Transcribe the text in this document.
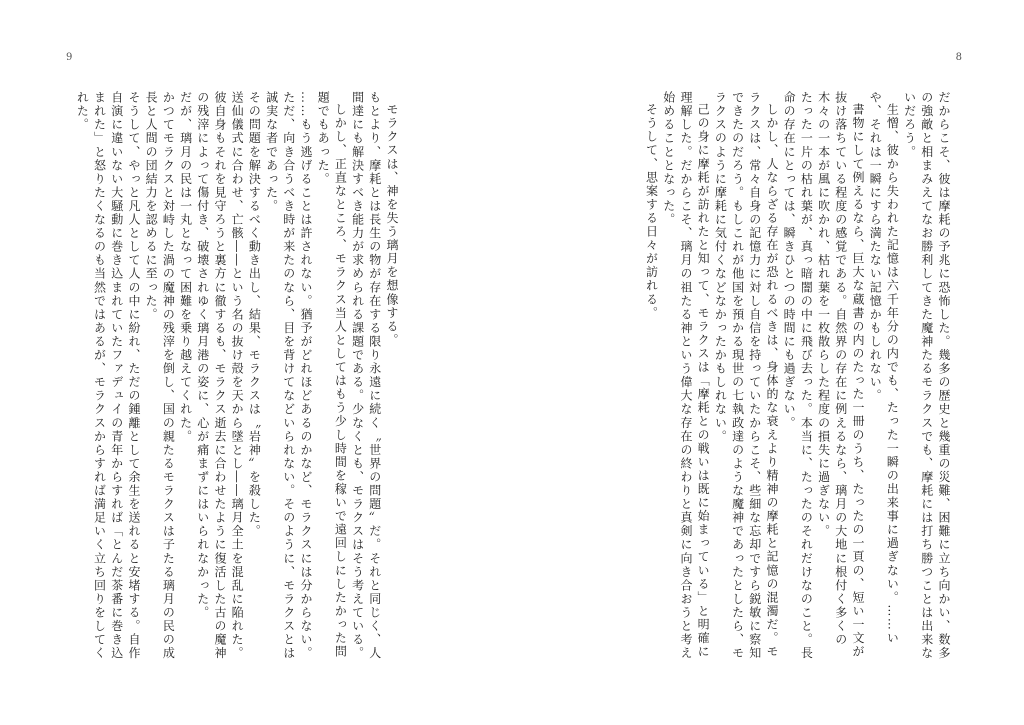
9

モラクスは、神を失う璃月を想像する。

もとより、摩耗とは長生の物が存在する限り永遠に続く〝世界の問題〟だ。それと同じく、人間達にも解決すべき能力が求められる課題である。少なくとも、モラクスはそう考えている。

しかし、正直なところ、モラクス当人としてはもう少し時間を稼いで遠回しにしたかった問題でもあった。

……もう逃げることは許されない。猶予がどれほどあるのかなど、モラクスには分からない。ただ、向き合うべき時が来たのなら、目を背けてなどいられない。そのように、モラクスとは誠実な者であった。

その問題を解決するべく動き出し、結果、モラクスは〝岩神〟を殺した。

送仙儀式に合わせ、亡骸――という名の抜け殻を天から墜とし――璃月全土を混乱に陥れた。

彼自身もそれを見守ろうと裏方に徹するも、モラクス逝去に合わせたように復活した古の魔神の残滓によって傷付き、破壊されゆく璃月港の姿に、心が痛まずにはいられなかった。

だが、璃月の民は一丸となって困難を乗り越えてくれた。

かつてモラクスと対峙した渦の魔神の残滓を倒し、国の親たるモラクスは子たる璃月の民の成長と人間の団結力を認めるに至った。

そうして、やっと凡人として人の中に紛れ、ただの鍾離として余生を送れると安堵する。自作自演に違いない大騒動に巻き込まれていたファデュイの青年からすれば「とんだ茶番に巻き込まれた」と怒りたくなるのも当然ではあるが、モラクスからすれば満足いく立ち回りをしてくれた。

8

だからこそ、彼は摩耗の予兆に恐怖した。幾多の歴史と幾重の災難、困難に立ち向かい、数多の強敵と相まみえてなお勝利してきた魔神たるモラクスでも、摩耗には打ち勝つことは出来ないだろう。

生憎、彼から失われた記憶は六千年分の内でも、たった一瞬の出来事に過ぎない。……いや、それは一瞬にすら満たない記憶かもしれない。

書物にして例えるなら、巨大な蔵書の内のたった一冊のうち、たったの一頁の、短い一文が抜け落ちている程度の感覚である。自然界の存在に例えるなら、璃月の大地に根付く多くの木々の一本が風に吹かれ、枯れ葉を一枚散らした程度の損失に過ぎない。

たった一片の枯れ葉が、真っ暗闇の中に飛び去った。本当に、たったのそれだけなのこと。長命の存在にとっては、瞬きひとつの時間にも過ぎない。

しかし、人ならざる存在が恐れるべきは、身体的な衰えより精神の摩耗と記憶の混濁だ。モラクスは、常々自身の記憶力に対し自信を持っていたからこそ、些細な忘却ですら鋭敏に察知できたのだろう。もしこれが他国を預かる現世の七執政達のような魔神であったとしたら、モラクスのように摩耗に気付くなどなかったかもしれない。

己の身に摩耗が訪れたと知って、モラクスは「摩耗との戦いは既に始まっている」と明確に理解した。だからこそ、璃月の祖たる神という偉大な存在の終わりと真剣に向き合おうと考え始めることとなった。

そうして、思案する日々が訪れる。
